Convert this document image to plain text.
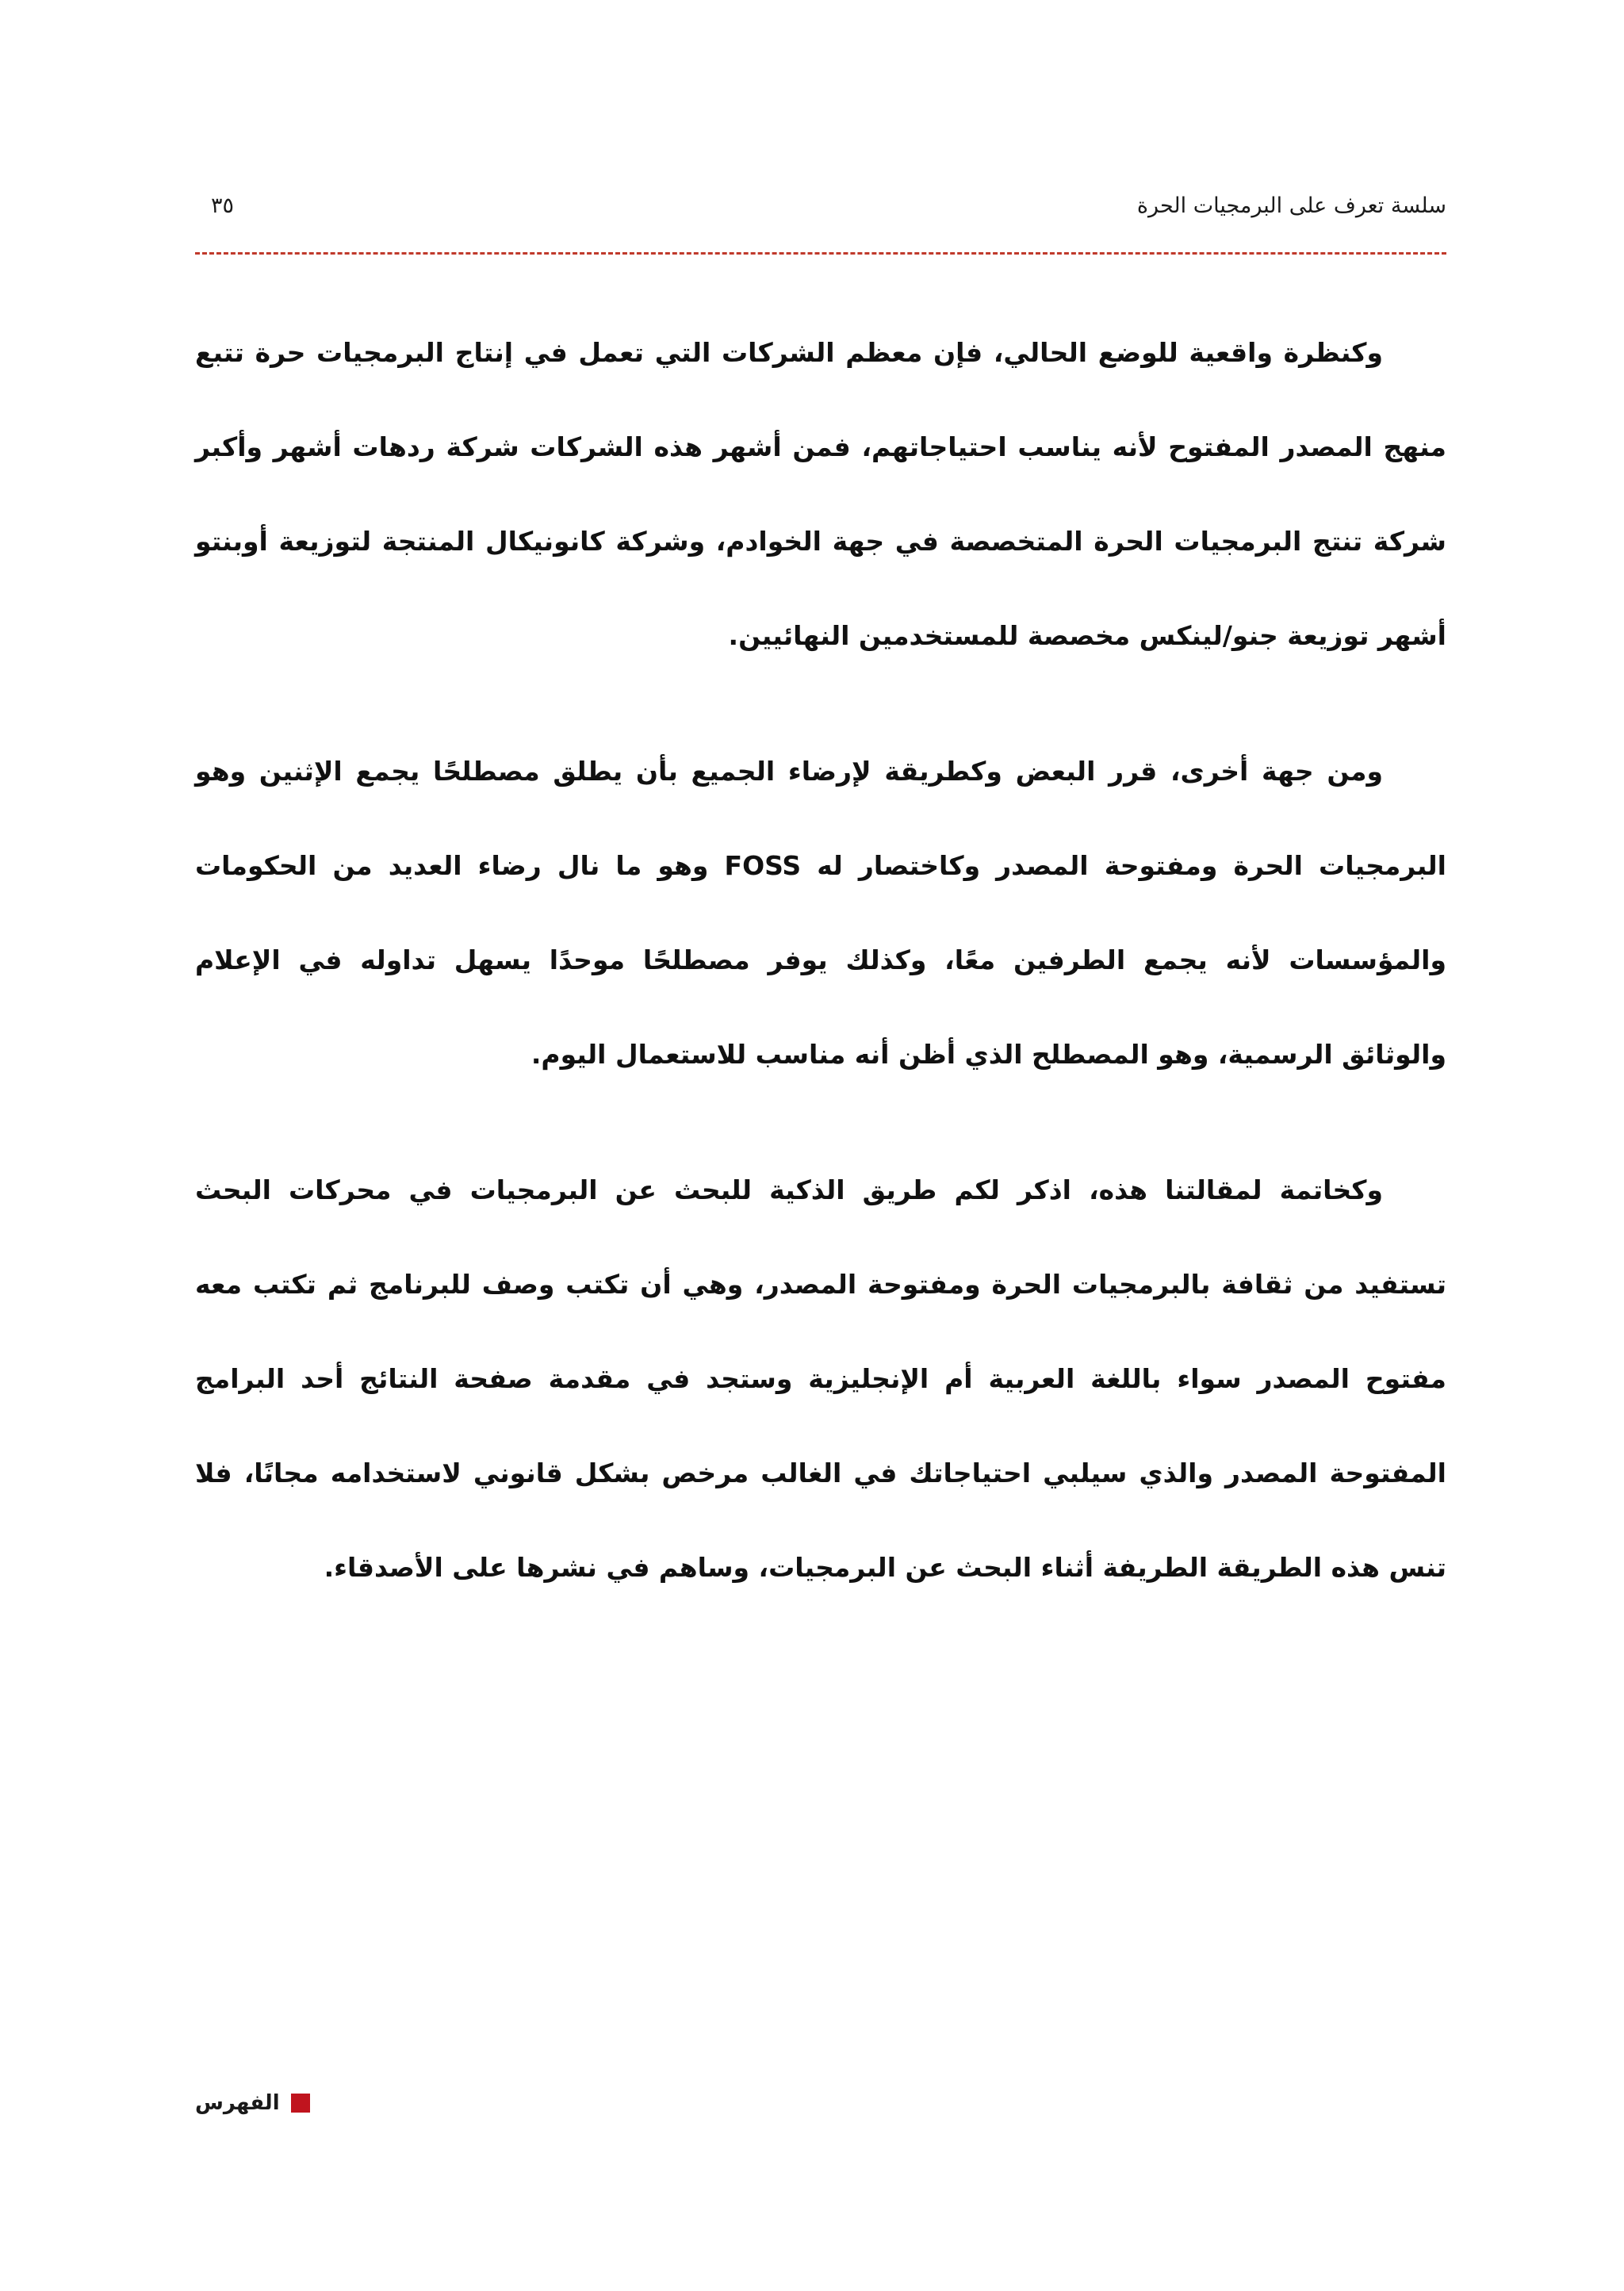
سلسة تعرف على البرمجيات الحرة
٣٥

وكنظرة واقعية للوضع الحالي، فإن معظم الشركات التي تعمل في إنتاج البرمجيات حرة تتبع منهج المصدر المفتوح لأنه يناسب احتياجاتهم، فمن أشهر هذه الشركات شركة ردهات أشهر وأكبر شركة تنتج البرمجيات الحرة المتخصصة في جهة الخوادم، وشركة كانونيكال المنتجة لتوزيعة أوبنتو أشهر توزيعة جنو/لينكس مخصصة للمستخدمين النهائيين.

ومن جهة أخرى، قرر البعض وكطريقة لإرضاء الجميع بأن يطلق مصطلحًا يجمع الإثنين وهو البرمجيات الحرة ومفتوحة المصدر وكاختصار له FOSS وهو ما نال رضاء العديد من الحكومات والمؤسسات لأنه يجمع الطرفين معًا، وكذلك يوفر مصطلحًا موحدًا يسهل تداوله في الإعلام والوثائق الرسمية، وهو المصطلح الذي أظن أنه مناسب للاستعمال اليوم.

وكخاتمة لمقالتنا هذه، اذكر لكم طريق الذكية للبحث عن البرمجيات في محركات البحث تستفيد من ثقافة بالبرمجيات الحرة ومفتوحة المصدر، وهي أن تكتب وصف للبرنامج ثم تكتب معه مفتوح المصدر سواء باللغة العربية أم الإنجليزية وستجد في مقدمة صفحة النتائج أحد البرامج المفتوحة المصدر والذي سيلبي احتياجاتك في الغالب مرخص بشكل قانوني لاستخدامه مجانًا، فلا تنس هذه الطريقة الطريفة أثناء البحث عن البرمجيات، وساهم في نشرها على الأصدقاء.

الفهرس
